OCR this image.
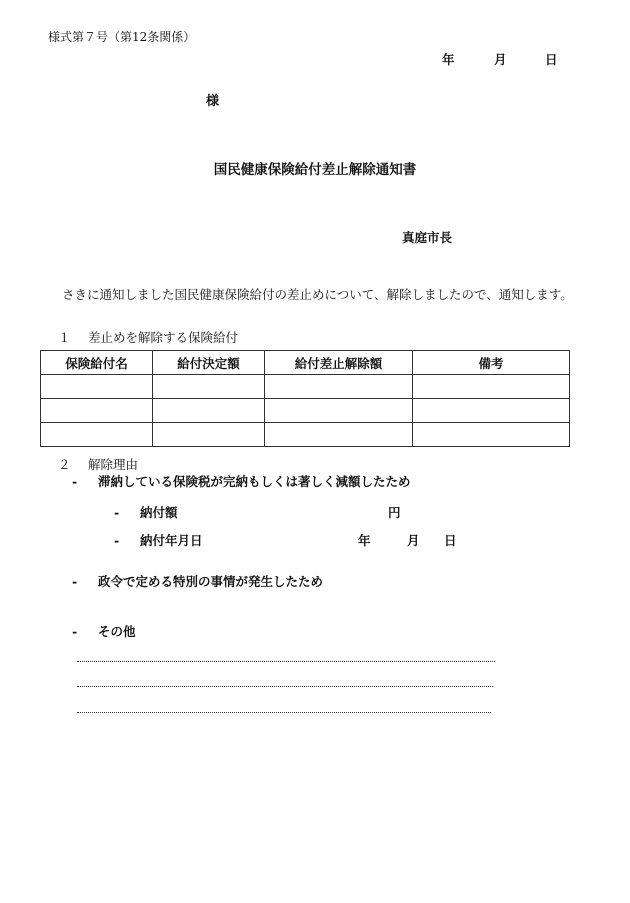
様式第７号（第12条関係）
年	月	日
様
国民健康保険給付差止解除通知書
真庭市長
さきに通知しました国民健康保険給付の差止めについて、解除しましたので、通知します。
１ 差止めを解除する保険給付
保険給付名	給付決定額	給付差止解除額	備考

２ 解除理由
- 滞納している保険税が完納もしくは著しく減額したため
- 納付額	円
- 納付年月日	年	月 日
- 政令で定める特別の事情が発生したため
- その他
